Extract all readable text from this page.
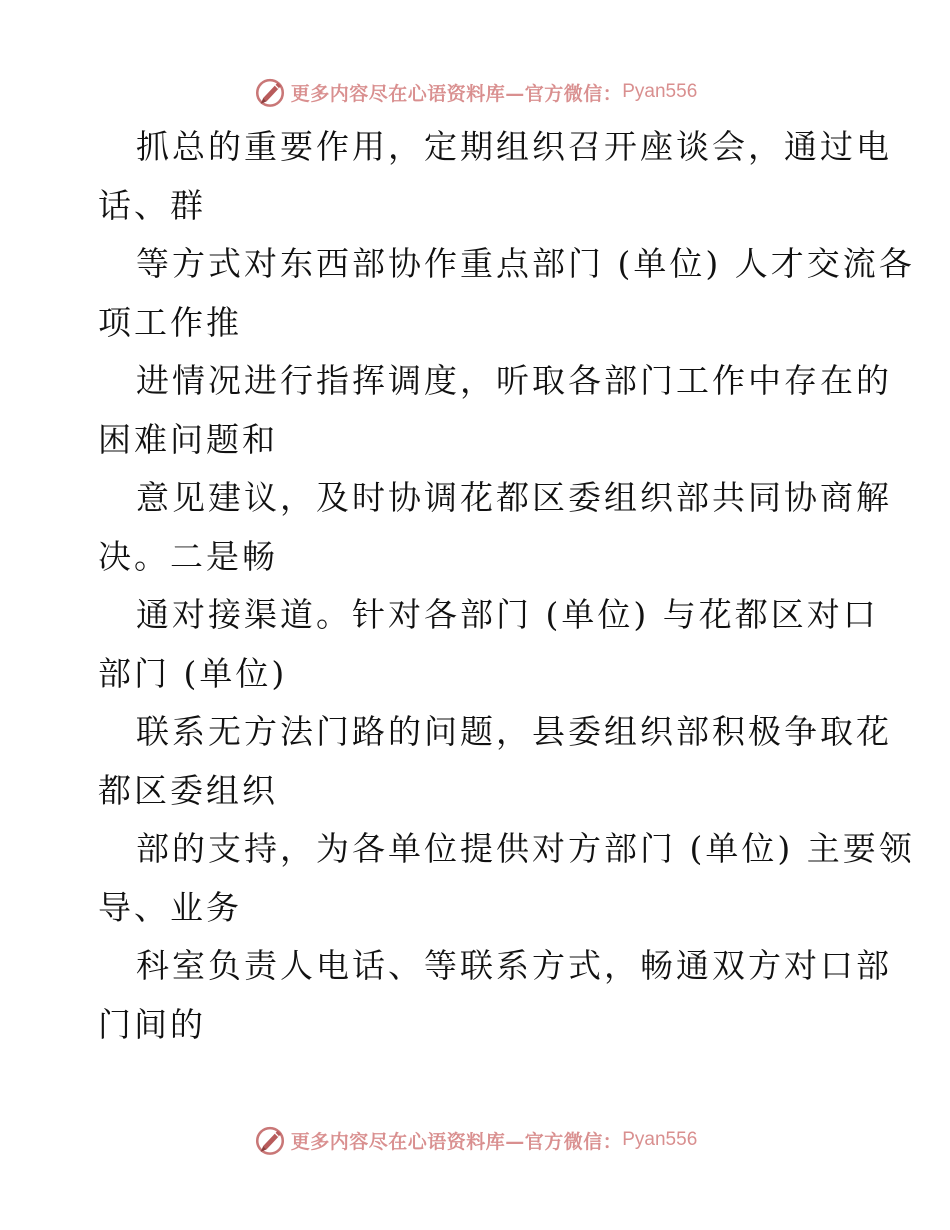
更多内容尽在心语资料库—官方微信： Pyan556
抓总的重要作用，定期组织召开座谈会，通过电
话、群
等方式对东西部协作重点部门 (单位) 人才交流各
项工作推
进情况进行指挥调度，听取各部门工作中存在的
困难问题和
意见建议，及时协调花都区委组织部共同协商解
决。二是畅
通对接渠道。针对各部门 (单位) 与花都区对口
部门 (单位)
联系无方法门路的问题，县委组织部积极争取花
都区委组织
部的支持，为各单位提供对方部门 (单位) 主要领
导、业务
科室负责人电话、等联系方式，畅通双方对口部
门间的
更多内容尽在心语资料库—官方微信： Pyan556
